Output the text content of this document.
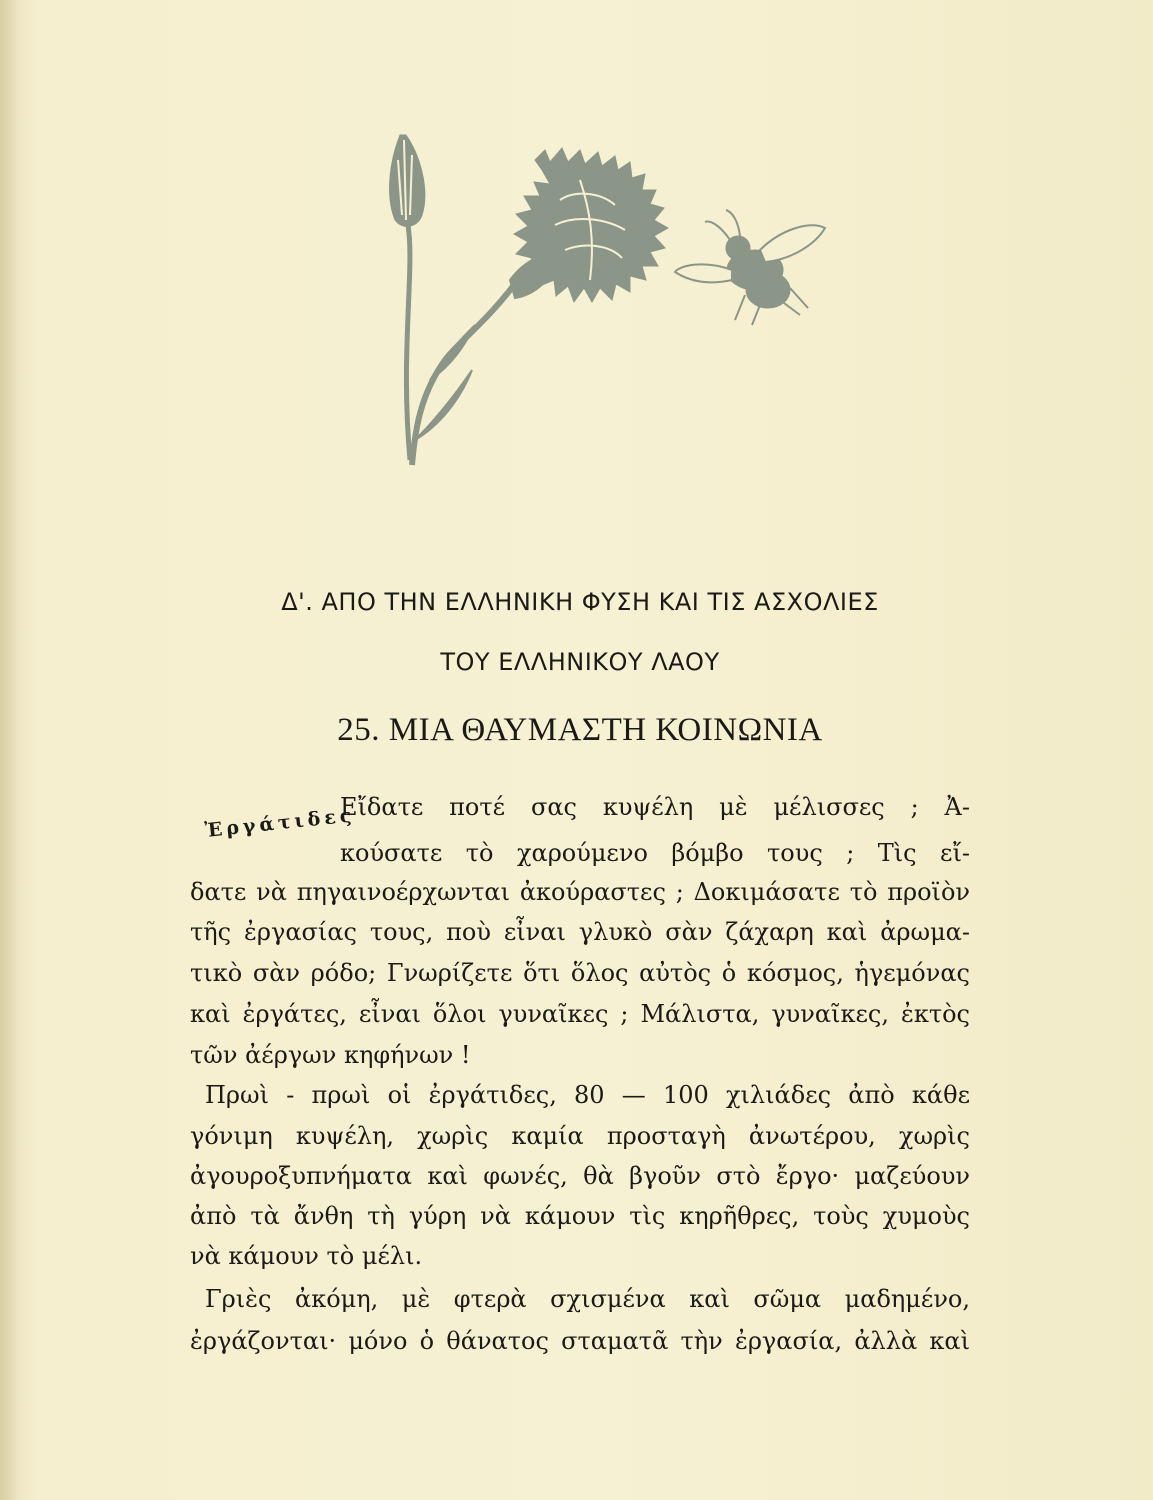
Δ'. ΑΠΟ ΤΗΝ ΕΛΛΗΝΙΚΗ ΦΥΣΗ ΚΑΙ ΤΙΣ ΑΣΧΟΛΙΕΣ
ΤΟΥ ΕΛΛΗΝΙΚΟΥ ΛΑΟΥ
25. ΜΙΑ ΘΑΥΜΑΣΤΗ ΚΟΙΝΩΝΙΑ
Ἐργάτιδες
Εἴδατε ποτέ σας κυψέλη μὲ μέλισσες ; Ἀ-
κούσατε τὸ χαρούμενο βόμβο τους ; Τὶς εἴ-
δατε νὰ πηγαινοέρχωνται ἀκούραστες ; Δοκιμάσατε τὸ προϊὸν
τῆς ἐργασίας τους, ποὺ εἶναι γλυκὸ σὰν ζάχαρη καὶ ἀρωμα-
τικὸ σὰν ρόδο; Γνωρίζετε ὅτι ὅλος αὐτὸς ὁ κόσμος, ἡγεμόνας
καὶ ἐργάτες, εἶναι ὅλοι γυναῖκες ; Μάλιστα, γυναῖκες, ἐκτὸς
τῶν ἀέργων κηφήνων !
Πρωὶ - πρωὶ οἱ ἐργάτιδες, 80 — 100 χιλιάδες ἀπὸ κάθε
γόνιμη κυψέλη, χωρὶς καμία προσταγὴ ἀνωτέρου, χωρὶς
ἀγουροξυπνήματα καὶ φωνές, θὰ βγοῦν στὸ ἔργο· μαζεύουν
ἀπὸ τὰ ἄνθη τὴ γύρη νὰ κάμουν τὶς κηρῆθρες, τοὺς χυμοὺς
νὰ κάμουν τὸ μέλι.
Γριὲς ἀκόμη, μὲ φτερὰ σχισμένα καὶ σῶμα μαδημένο,
ἐργάζονται· μόνο ὁ θάνατος σταματᾶ τὴν ἐργασία, ἀλλὰ καὶ
